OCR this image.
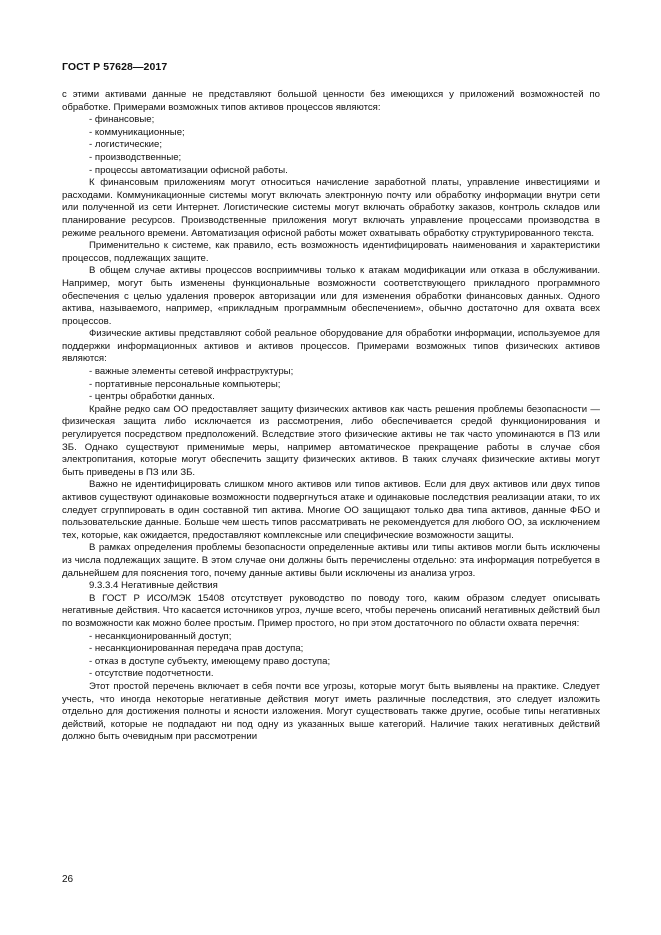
ГОСТ Р 57628—2017

с этими активами данные не представляют большой ценности без имеющихся у приложений возможностей по обработке. Примерами возможных типов активов процессов являются:

- финансовые;
- коммуникационные;
- логистические;
- производственные;
- процессы автоматизации офисной работы.

К финансовым приложениям могут относиться начисление заработной платы, управление инвестициями и расходами. Коммуникационные системы могут включать электронную почту или обработку информации внутри сети или полученной из сети Интернет. Логистические системы могут включать обработку заказов, контроль складов или планирование ресурсов. Производственные приложения могут включать управление процессами производства в режиме реального времени. Автоматизация офисной работы может охватывать обработку структурированного текста.

Применительно к системе, как правило, есть возможность идентифицировать наименования и характеристики процессов, подлежащих защите.

В общем случае активы процессов восприимчивы только к атакам модификации или отказа в обслуживании. Например, могут быть изменены функциональные возможности соответствующего прикладного программного обеспечения с целью удаления проверок авторизации или для изменения обработки финансовых данных. Одного актива, называемого, например, «прикладным программным обеспечением», обычно достаточно для охвата всех процессов.

Физические активы представляют собой реальное оборудование для обработки информации, используемое для поддержки информационных активов и активов процессов. Примерами возможных типов физических активов являются:

- важные элементы сетевой инфраструктуры;
- портативные персональные компьютеры;
- центры обработки данных.

Крайне редко сам ОО предоставляет защиту физических активов как часть решения проблемы безопасности — физическая защита либо исключается из рассмотрения, либо обеспечивается средой функционирования и регулируется посредством предположений. Вследствие этого физические активы не так часто упоминаются в ПЗ или ЗБ. Однако существуют применимые меры, например автоматическое прекращение работы в случае сбоя электропитания, которые могут обеспечить защиту физических активов. В таких случаях физические активы могут быть приведены в ПЗ или ЗБ.

Важно не идентифицировать слишком много активов или типов активов. Если для двух активов или двух типов активов существуют одинаковые возможности подвергнуться атаке и одинаковые последствия реализации атаки, то их следует сгруппировать в один составной тип актива. Многие ОО защищают только два типа активов, данные ФБО и пользовательские данные. Больше чем шесть типов рассматривать не рекомендуется для любого ОО, за исключением тех, которые, как ожидается, предоставляют комплексные или специфические возможности защиты.

В рамках определения проблемы безопасности определенные активы или типы активов могли быть исключены из числа подлежащих защите. В этом случае они должны быть перечислены отдельно: эта информация потребуется в дальнейшем для пояснения того, почему данные активы были исключены из анализа угроз.

9.3.3.4 Негативные действия

В ГОСТ Р ИСО/МЭК 15408 отсутствует руководство по поводу того, каким образом следует описывать негативные действия. Что касается источников угроз, лучше всего, чтобы перечень описаний негативных действий был по возможности как можно более простым. Пример простого, но при этом достаточного по области охвата перечня:

- несанкционированный доступ;
- несанкционированная передача прав доступа;
- отказ в доступе субъекту, имеющему право доступа;
- отсутствие подотчетности.

Этот простой перечень включает в себя почти все угрозы, которые могут быть выявлены на практике. Следует учесть, что иногда некоторые негативные действия могут иметь различные последствия, это следует изложить отдельно для достижения полноты и ясности изложения. Могут существовать также другие, особые типы негативных действий, которые не подпадают ни под одну из указанных выше категорий. Наличие таких негативных действий должно быть очевидным при рассмотрении

26
